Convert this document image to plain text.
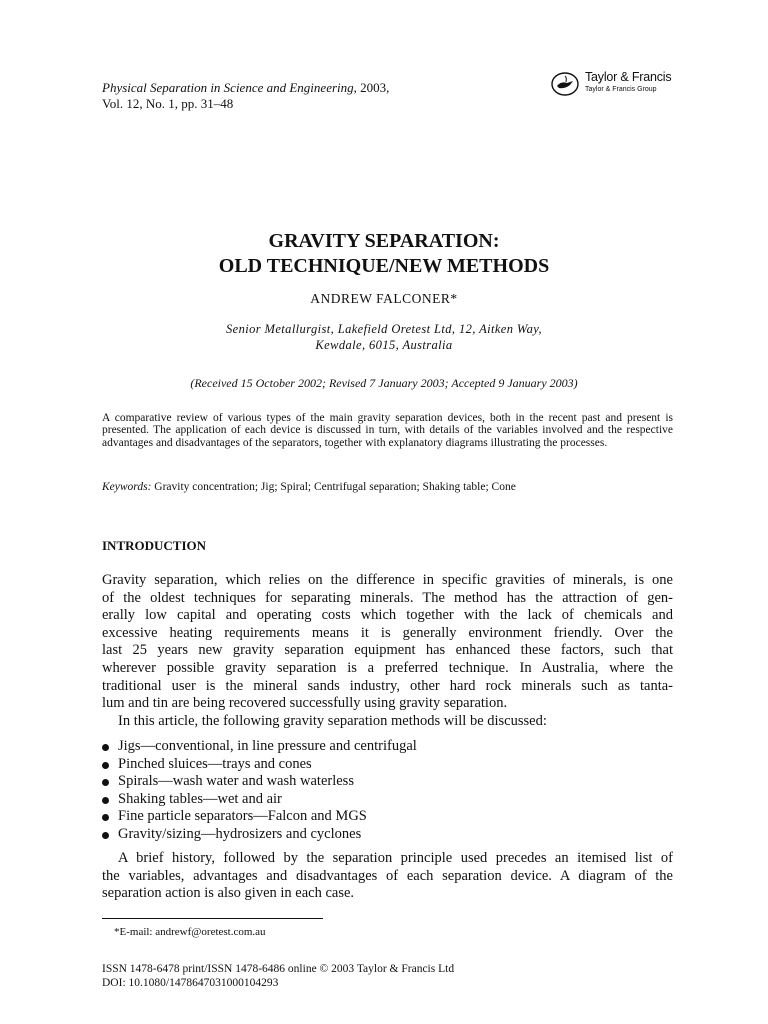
Physical Separation in Science and Engineering, 2003,
Vol. 12, No. 1, pp. 31–48
Taylor & Francis
Taylor & Francis Group
GRAVITY SEPARATION:
OLD TECHNIQUE/NEW METHODS
ANDREW FALCONER*
Senior Metallurgist, Lakefield Oretest Ltd, 12, Aitken Way,
Kewdale, 6015, Australia
(Received 15 October 2002; Revised 7 January 2003; Accepted 9 January 2003)
A comparative review of various types of the main gravity separation devices, both in the recent past and present is presented. The application of each device is discussed in turn, with details of the variables involved and the respective advantages and disadvantages of the separators, together with explanatory diagrams illustrating the processes.
Keywords: Gravity concentration; Jig; Spiral; Centrifugal separation; Shaking table; Cone
INTRODUCTION
Gravity separation, which relies on the difference in specific gravities of minerals, is one
of the oldest techniques for separating minerals. The method has the attraction of gen-
erally low capital and operating costs which together with the lack of chemicals and
excessive heating requirements means it is generally environment friendly. Over the
last 25 years new gravity separation equipment has enhanced these factors, such that
wherever possible gravity separation is a preferred technique. In Australia, where the
traditional user is the mineral sands industry, other hard rock minerals such as tanta-
lum and tin are being recovered successfully using gravity separation.
In this article, the following gravity separation methods will be discussed:
Jigs—conventional, in line pressure and centrifugal
Pinched sluices—trays and cones
Spirals—wash water and wash waterless
Shaking tables—wet and air
Fine particle separators—Falcon and MGS
Gravity/sizing—hydrosizers and cyclones
A brief history, followed by the separation principle used precedes an itemised list of
the variables, advantages and disadvantages of each separation device. A diagram of the
separation action is also given in each case.
*E-mail: andrewf@oretest.com.au
ISSN 1478-6478 print/ISSN 1478-6486 online © 2003 Taylor & Francis Ltd
DOI: 10.1080/1478647031000104293
